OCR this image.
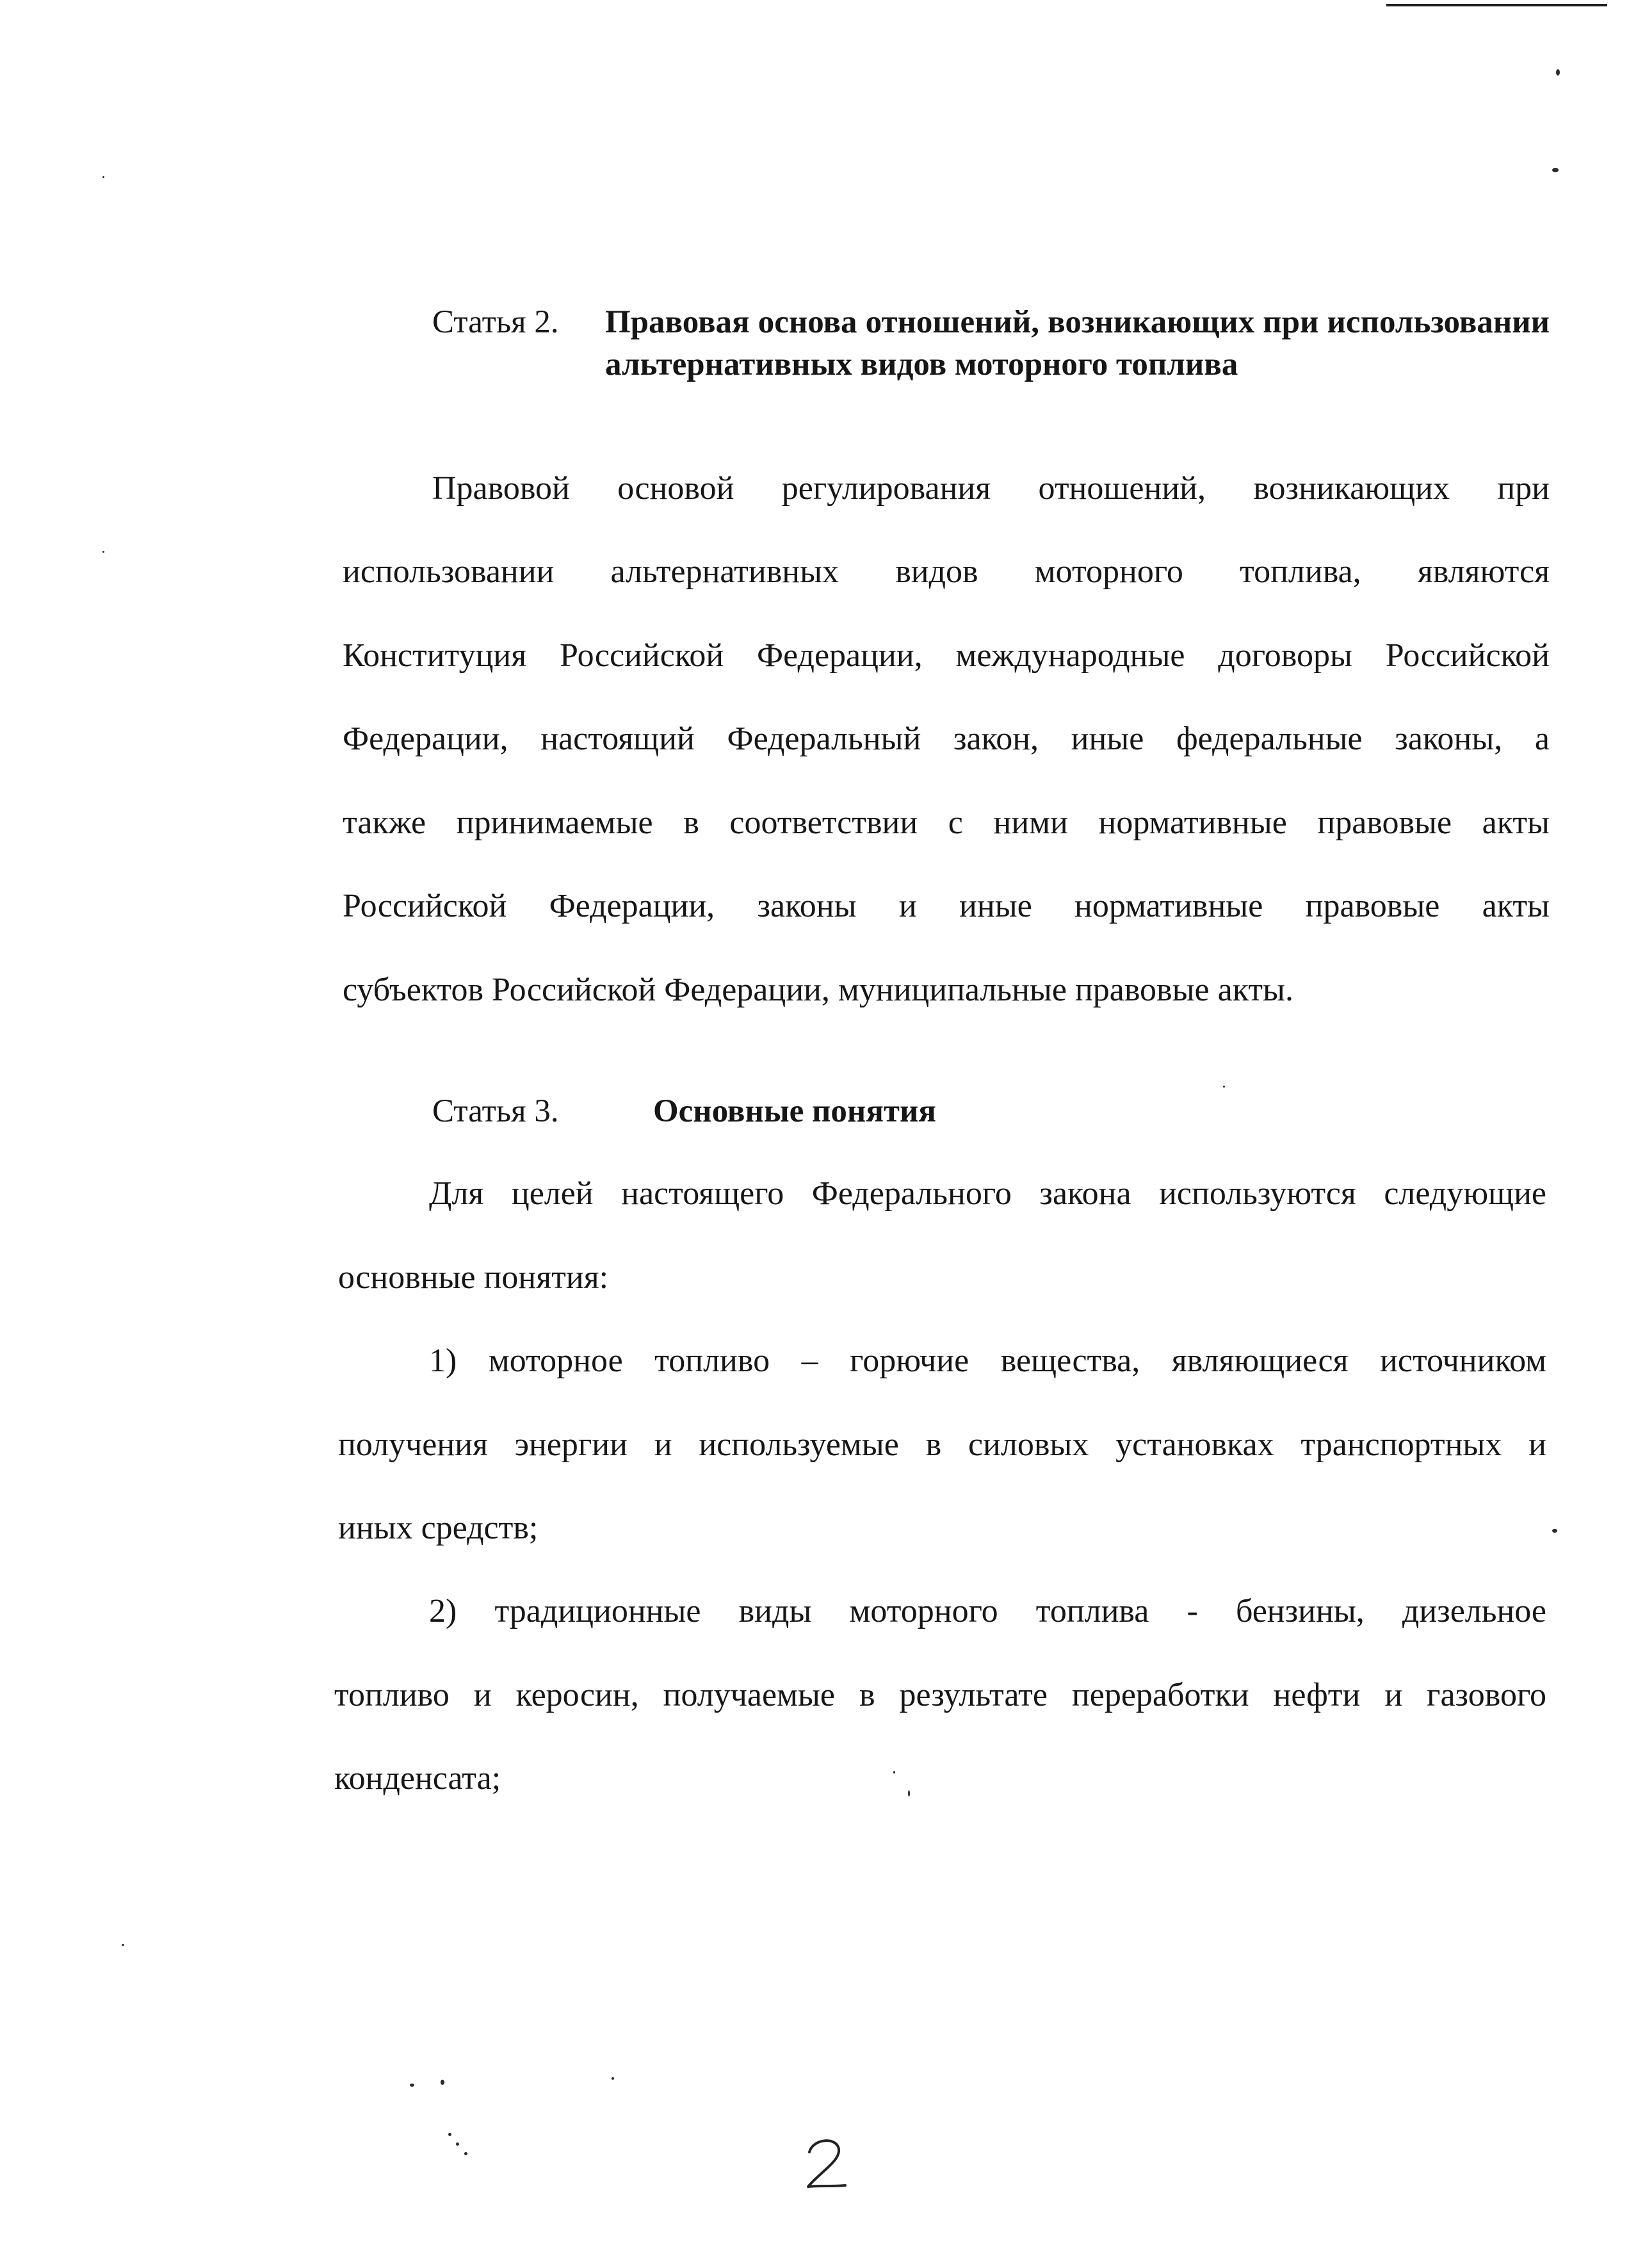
Статья 2. Правовая основа отношений, возникающих при использовании альтернативных видов моторного топлива
Правовой основой регулирования отношений, возникающих при
использовании альтернативных видов моторного топлива, являются
Конституция Российской Федерации, международные договоры Российской
Федерации, настоящий Федеральный закон, иные федеральные законы, а
также принимаемые в соответствии с ними нормативные правовые акты
Российской Федерации, законы и иные нормативные правовые акты
субъектов Российской Федерации, муниципальные правовые акты.
Статья 3.	Основные понятия
Для целей настоящего Федерального закона используются следующие
основные понятия:
1) моторное топливо – горючие вещества, являющиеся источником
получения энергии и используемые в силовых установках транспортных и
иных средств;
2) традиционные виды моторного топлива - бензины, дизельное
топливо и керосин, получаемые в результате переработки нефти и газового
конденсата;
